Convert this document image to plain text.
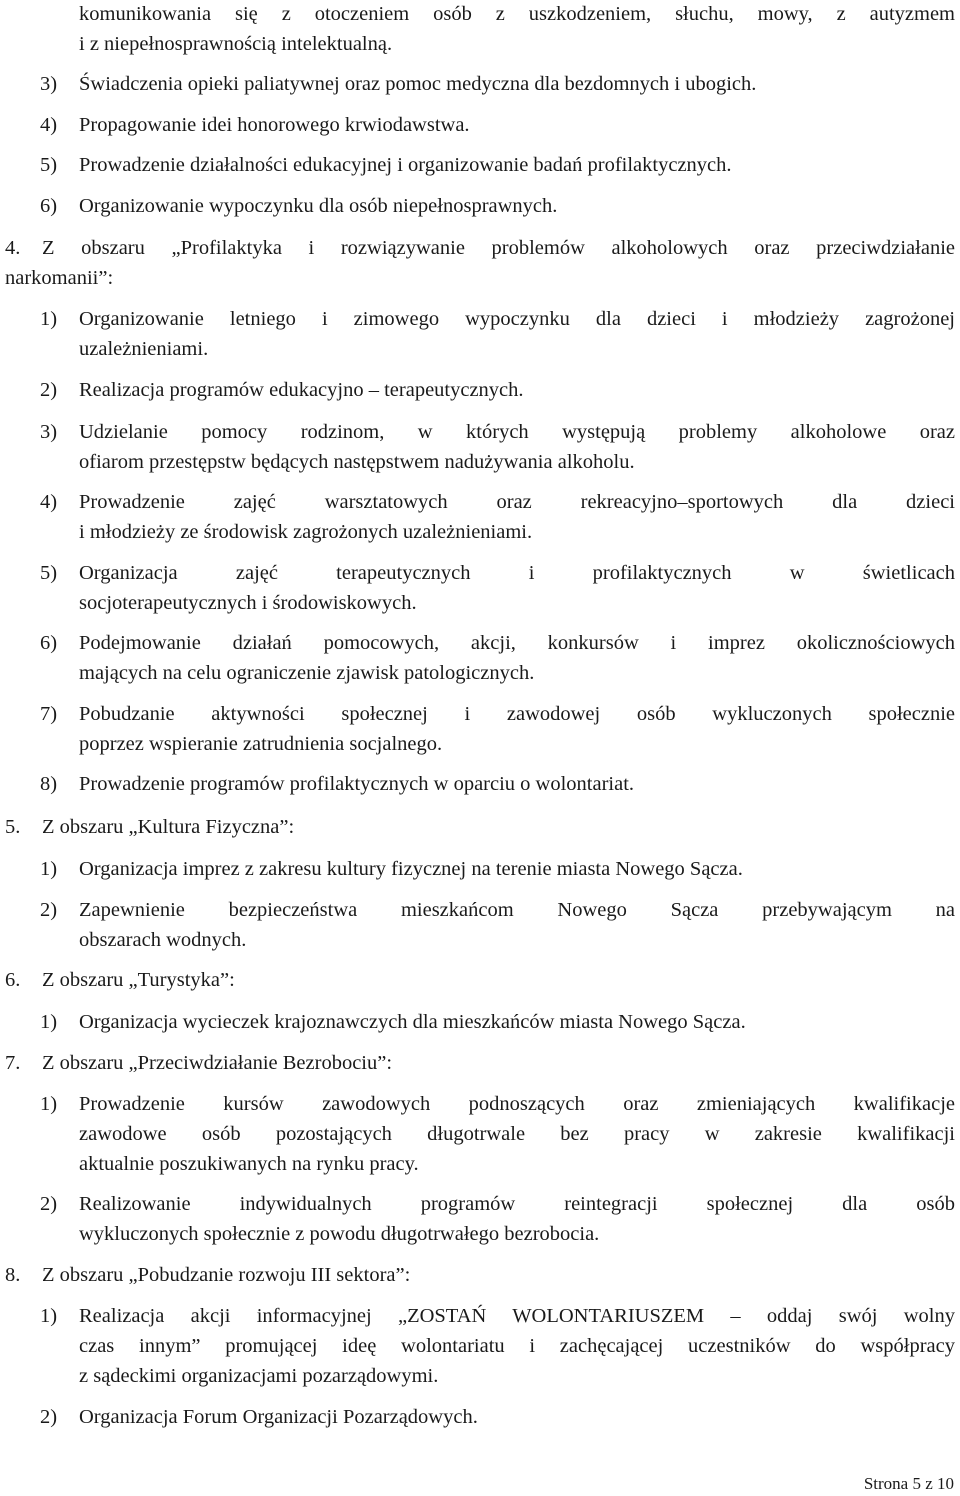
komunikowania się z otoczeniem osób z uszkodzeniem, słuchu, mowy, z autyzmem
i z niepełnosprawnością intelektualną.
3) Świadczenia opieki paliatywnej oraz pomoc medyczna dla bezdomnych i ubogich.
4) Propagowanie idei honorowego krwiodawstwa.
5) Prowadzenie działalności edukacyjnej i organizowanie badań profilaktycznych.
6) Organizowanie wypoczynku dla osób niepełnosprawnych.
4. Z obszaru „Profilaktyka i rozwiązywanie problemów alkoholowych oraz przeciwdziałanie
narkomanii”:
1) Organizowanie letniego i zimowego wypoczynku dla dzieci i młodzieży zagrożonej
uzależnieniami.
2) Realizacja programów edukacyjno – terapeutycznych.
3) Udzielanie pomocy rodzinom, w których występują problemy alkoholowe oraz
ofiarom przestępstw będących następstwem nadużywania alkoholu.
4) Prowadzenie zajęć warsztatowych oraz rekreacyjno–sportowych dla dzieci
i młodzieży ze środowisk zagrożonych uzależnieniami.
5) Organizacja zajęć terapeutycznych i profilaktycznych w świetlicach
socjoterapeutycznych i środowiskowych.
6) Podejmowanie działań pomocowych, akcji, konkursów i imprez okolicznościowych
mających na celu ograniczenie zjawisk patologicznych.
7) Pobudzanie aktywności społecznej i zawodowej osób wykluczonych społecznie
poprzez wspieranie zatrudnienia socjalnego.
8) Prowadzenie programów profilaktycznych w oparciu o wolontariat.
5. Z obszaru „Kultura Fizyczna”:
1) Organizacja imprez z zakresu kultury fizycznej na terenie miasta Nowego Sącza.
2) Zapewnienie bezpieczeństwa mieszkańcom Nowego Sącza przebywającym na
obszarach wodnych.
6. Z obszaru „Turystyka”:
1) Organizacja wycieczek krajoznawczych dla mieszkańców miasta Nowego Sącza.
7. Z obszaru „Przeciwdziałanie Bezrobociu”:
1) Prowadzenie kursów zawodowych podnoszących oraz zmieniających kwalifikacje
zawodowe osób pozostających długotrwale bez pracy w zakresie kwalifikacji
aktualnie poszukiwanych na rynku pracy.
2) Realizowanie indywidualnych programów reintegracji społecznej dla osób
wykluczonych społecznie z powodu długotrwałego bezrobocia.
8. Z obszaru „Pobudzanie rozwoju III sektora”:
1) Realizacja akcji informacyjnej „ZOSTAŃ WOLONTARIUSZEM – oddaj swój wolny
czas innym” promującej ideę wolontariatu i zachęcającej uczestników do współpracy
z sądeckimi organizacjami pozarządowymi.
2) Organizacja Forum Organizacji Pozarządowych.
Strona 5 z 10
